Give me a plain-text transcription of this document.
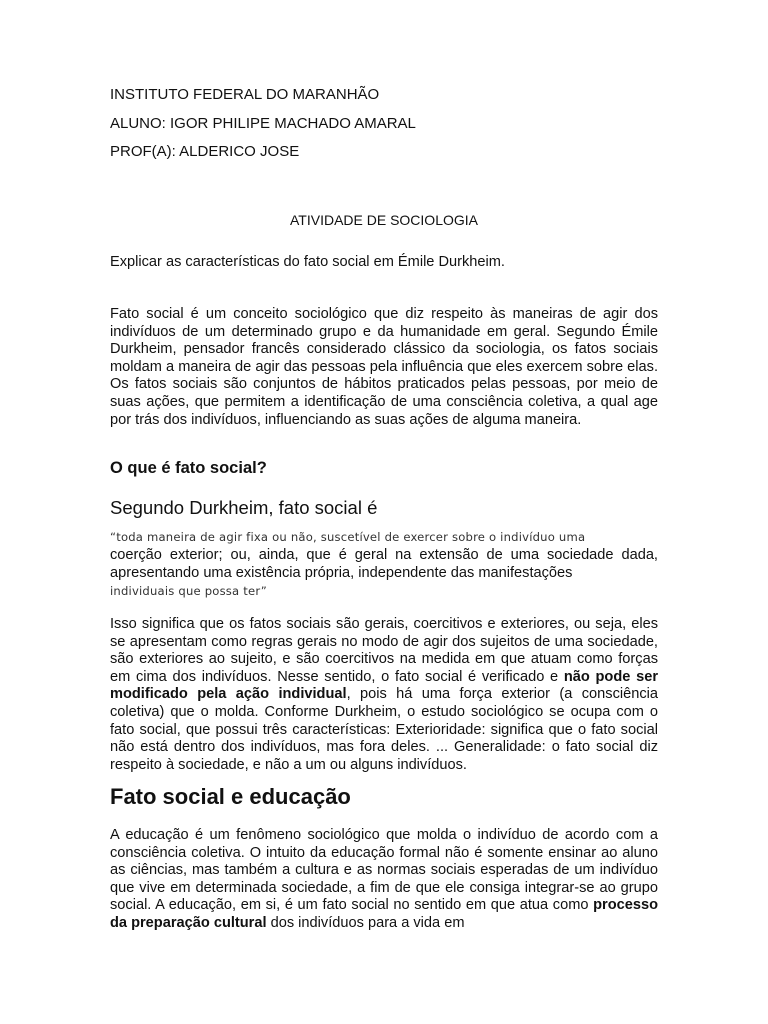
INSTITUTO FEDERAL DO MARANHÃO

ALUNO: IGOR PHILIPE MACHADO AMARAL

PROF(A): ALDERICO JOSE

ATIVIDADE DE SOCIOLOGIA

Explicar as características do fato social em Émile Durkheim.

Fato social é um conceito sociológico que diz respeito às maneiras de agir dos indivíduos de um determinado grupo e da humanidade em geral. Segundo Émile Durkheim, pensador francês considerado clássico da sociologia, os fatos sociais moldam a maneira de agir das pessoas pela influência que eles exercem sobre elas. Os fatos sociais são conjuntos de hábitos praticados pelas pessoas, por meio de suas ações, que permitem a identificação de uma consciência coletiva, a qual age por trás dos indivíduos, influenciando as suas ações de alguma maneira.

O que é fato social?

Segundo Durkheim, fato social é

“toda maneira de agir fixa ou não, suscetível de exercer sobre o indivíduo uma

coerção exterior; ou, ainda, que é geral na extensão de uma sociedade dada, apresentando uma existência própria, independente das manifestações

individuais que possa ter”

Isso significa que os fatos sociais são gerais, coercitivos e exteriores, ou seja, eles se apresentam como regras gerais no modo de agir dos sujeitos de uma sociedade, são exteriores ao sujeito, e são coercitivos na medida em que atuam como forças em cima dos indivíduos. Nesse sentido, o fato social é verificado e não pode ser modificado pela ação individual, pois há uma força exterior (a consciência coletiva) que o molda. Conforme Durkheim, o estudo sociológico se ocupa com o fato social, que possui três características: Exterioridade: significa que o fato social não está dentro dos indivíduos, mas fora deles. ... Generalidade: o fato social diz respeito à sociedade, e não a um ou alguns indivíduos.

Fato social e educação

A educação é um fenômeno sociológico que molda o indivíduo de acordo com a consciência coletiva. O intuito da educação formal não é somente ensinar ao aluno as ciências, mas também a cultura e as normas sociais esperadas de um indivíduo que vive em determinada sociedade, a fim de que ele consiga integrar-se ao grupo social. A educação, em si, é um fato social no sentido em que atua como processo da preparação cultural dos indivíduos para a vida em
